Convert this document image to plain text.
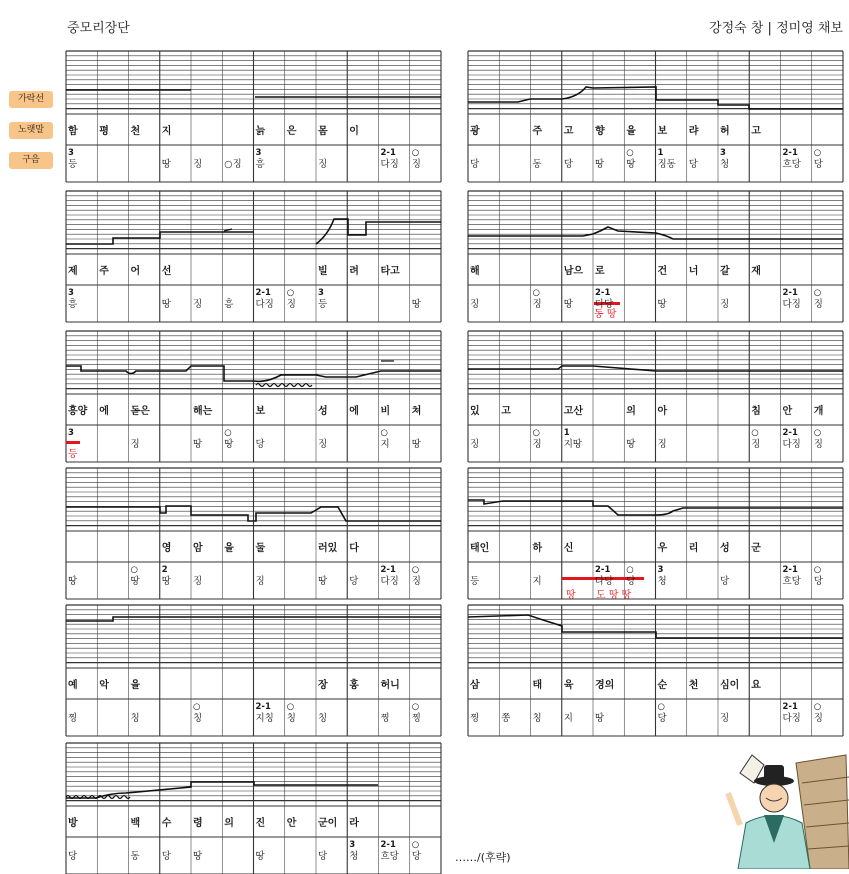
중모리장단	강정숙 창 | 정미영 채보
가락선
노랫말
구음
함
3
등
평 천 지
땅 징 ○징
늙
3
흥
은 몸
징
이
2-1
다징
○
징
광
당
주
동
고
당
향
땅
을
○
땅
보
1
징동
랴
당
허
3
청
고
2-1
흐당
○
당
제
3
흥
주 어 선
땅 징 흥
2-1
다징
○
징
빌
3
등
려 타고
땅
해
징
○
징
남으
땅
로
2-1
다당
건
땅
너 갈
징
재
2-1
다징
○
징
흥양
3
에 돋은
징
해는
땅
○
땅
보
당
성
징
에 비
○
지
쳐
땅
있
징
고
○
징
고산
1
지땅
의
땅
아
징
침
○
징
안
2-1
다징
개
○
징
땅
○
땅
영
2
땅
암
징
을 둘
징
러있
땅
다
당
2-1
다징
○
징
태인
등
하
지
신
2-1
다당
○
당
우
3
청
리 성
당
군
2-1
흐당
○
당
예
찡
악 을
칭
○
칭
2-1
지칭
○
칭
장
칭
홍 허니
찡
○
찡
삼
찡 쫑
태
칭
육
지
경의
땅
순
○
당
천 심이
징
요
2-1
다징
○
징
방
당
백
동
수
당
령
땅
의 진
땅
안 군이
당
라
3
청
2-1
흐당
○
당
동 땅
등
땅 도 땅 땅
……/(후략)
